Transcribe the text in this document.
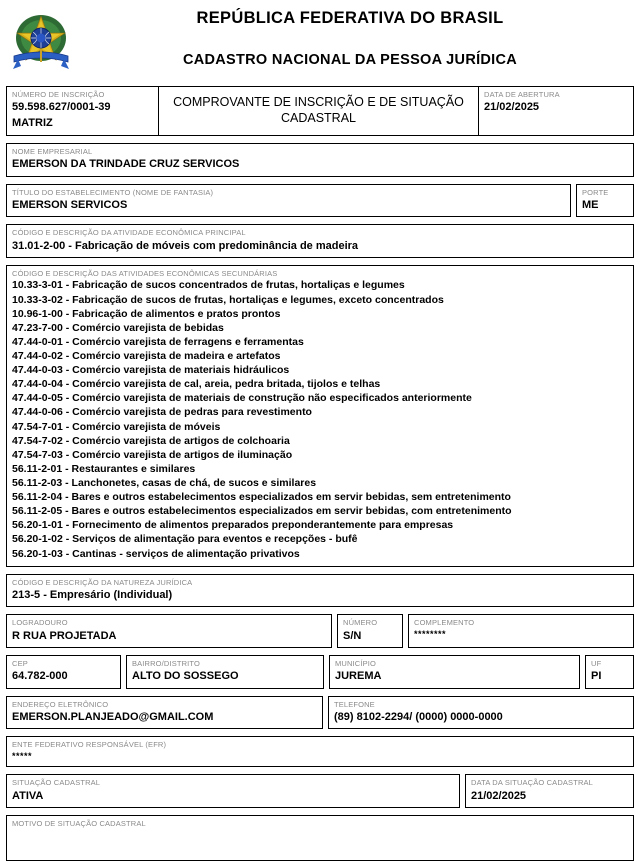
REPÚBLICA FEDERATIVA DO BRASIL
CADASTRO NACIONAL DA PESSOA JURÍDICA
NÚMERO DE INSCRIÇÃO
59.598.627/0001-39
MATRIZ
COMPROVANTE DE INSCRIÇÃO E DE SITUAÇÃO CADASTRAL
DATA DE ABERTURA
21/02/2025
NOME EMPRESARIAL
EMERSON DA TRINDADE CRUZ SERVICOS
TÍTULO DO ESTABELECIMENTO (NOME DE FANTASIA)
EMERSON SERVICOS
PORTE
ME
CÓDIGO E DESCRIÇÃO DA ATIVIDADE ECONÔMICA PRINCIPAL
31.01-2-00 - Fabricação de móveis com predominância de madeira
CÓDIGO E DESCRIÇÃO DAS ATIVIDADES ECONÔMICAS SECUNDÁRIAS
10.33-3-01 - Fabricação de sucos concentrados de frutas, hortaliças e legumes
10.33-3-02 - Fabricação de sucos de frutas, hortaliças e legumes, exceto concentrados
10.96-1-00 - Fabricação de alimentos e pratos prontos
47.23-7-00 - Comércio varejista de bebidas
47.44-0-01 - Comércio varejista de ferragens e ferramentas
47.44-0-02 - Comércio varejista de madeira e artefatos
47.44-0-03 - Comércio varejista de materiais hidráulicos
47.44-0-04 - Comércio varejista de cal, areia, pedra britada, tijolos e telhas
47.44-0-05 - Comércio varejista de materiais de construção não especificados anteriormente
47.44-0-06 - Comércio varejista de pedras para revestimento
47.54-7-01 - Comércio varejista de móveis
47.54-7-02 - Comércio varejista de artigos de colchoaria
47.54-7-03 - Comércio varejista de artigos de iluminação
56.11-2-01 - Restaurantes e similares
56.11-2-03 - Lanchonetes, casas de chá, de sucos e similares
56.11-2-04 - Bares e outros estabelecimentos especializados em servir bebidas, sem entretenimento
56.11-2-05 - Bares e outros estabelecimentos especializados em servir bebidas, com entretenimento
56.20-1-01 - Fornecimento de alimentos preparados preponderantemente para empresas
56.20-1-02 - Serviços de alimentação para eventos e recepções - bufê
56.20-1-03 - Cantinas - serviços de alimentação privativos
CÓDIGO E DESCRIÇÃO DA NATUREZA JURÍDICA
213-5 - Empresário (Individual)
LOGRADOURO
R RUA PROJETADA
NÚMERO
S/N
COMPLEMENTO
********
CEP
64.782-000
BAIRRO/DISTRITO
ALTO DO SOSSEGO
MUNICÍPIO
JUREMA
UF
PI
ENDEREÇO ELETRÔNICO
EMERSON.PLANJEADO@GMAIL.COM
TELEFONE
(89) 8102-2294/ (0000) 0000-0000
ENTE FEDERATIVO RESPONSÁVEL (EFR)
*****
SITUAÇÃO CADASTRAL
ATIVA
DATA DA SITUAÇÃO CADASTRAL
21/02/2025
MOTIVO DE SITUAÇÃO CADASTRAL
